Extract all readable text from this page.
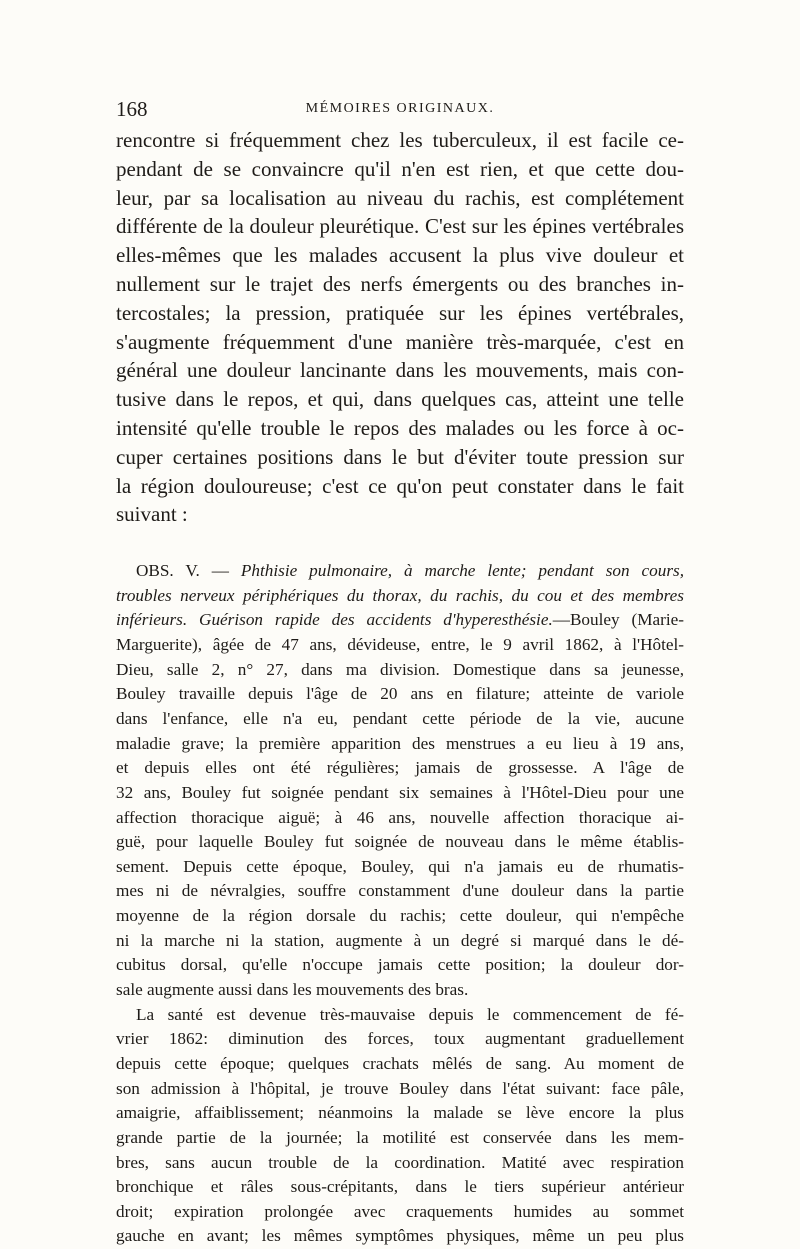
168	MÉMOIRES ORIGINAUX.
rencontre si fréquemment chez les tuberculeux, il est facile ce-
pendant de se convaincre qu'il n'en est rien, et que cette dou-
leur, par sa localisation au niveau du rachis, est complétement
différente de la douleur pleurétique. C'est sur les épines vertébrales
elles-mêmes que les malades accusent la plus vive douleur et
nullement sur le trajet des nerfs émergents ou des branches in-
tercostales; la pression, pratiquée sur les épines vertébrales,
s'augmente fréquemment d'une manière très-marquée, c'est en
général une douleur lancinante dans les mouvements, mais con-
tusive dans le repos, et qui, dans quelques cas, atteint une telle
intensité qu'elle trouble le repos des malades ou les force à oc-
cuper certaines positions dans le but d'éviter toute pression sur
la région douloureuse; c'est ce qu'on peut constater dans le fait
suivant :
OBS. V. — Phthisie pulmonaire, à marche lente; pendant son cours,
troubles nerveux périphériques du thorax, du rachis, du cou et des membres
inférieurs. Guérison rapide des accidents d'hyperesthésie.—Bouley (Marie-
Marguerite), âgée de 47 ans, dévideuse, entre, le 9 avril 1862, à l'Hôtel-
Dieu, salle 2, n° 27, dans ma division. Domestique dans sa jeunesse,
Bouley travaille depuis l'âge de 20 ans en filature; atteinte de variole
dans l'enfance, elle n'a eu, pendant cette période de la vie, aucune
maladie grave; la première apparition des menstrues a eu lieu à 19 ans,
et depuis elles ont été régulières; jamais de grossesse. A l'âge de
32 ans, Bouley fut soignée pendant six semaines à l'Hôtel-Dieu pour une
affection thoracique aiguë; à 46 ans, nouvelle affection thoracique ai-
guë, pour laquelle Bouley fut soignée de nouveau dans le même établis-
sement. Depuis cette époque, Bouley, qui n'a jamais eu de rhumatis-
mes ni de névralgies, souffre constamment d'une douleur dans la partie
moyenne de la région dorsale du rachis; cette douleur, qui n'empêche
ni la marche ni la station, augmente à un degré si marqué dans le dé-
cubitus dorsal, qu'elle n'occupe jamais cette position; la douleur dor-
sale augmente aussi dans les mouvements des bras.
La santé est devenue très-mauvaise depuis le commencement de fé-
vrier 1862: diminution des forces, toux augmentant graduellement
depuis cette époque; quelques crachats mêlés de sang. Au moment de
son admission à l'hôpital, je trouve Bouley dans l'état suivant: face pâle,
amaigrie, affaiblissement; néanmoins la malade se lève encore la plus
grande partie de la journée; la motilité est conservée dans les mem-
bres, sans aucun trouble de la coordination. Matité avec respiration
bronchique et râles sous-crépitants, dans le tiers supérieur antérieur
droit; expiration prolongée avec craquements humides au sommet
gauche en avant; les mêmes symptômes physiques, même un peu plus
